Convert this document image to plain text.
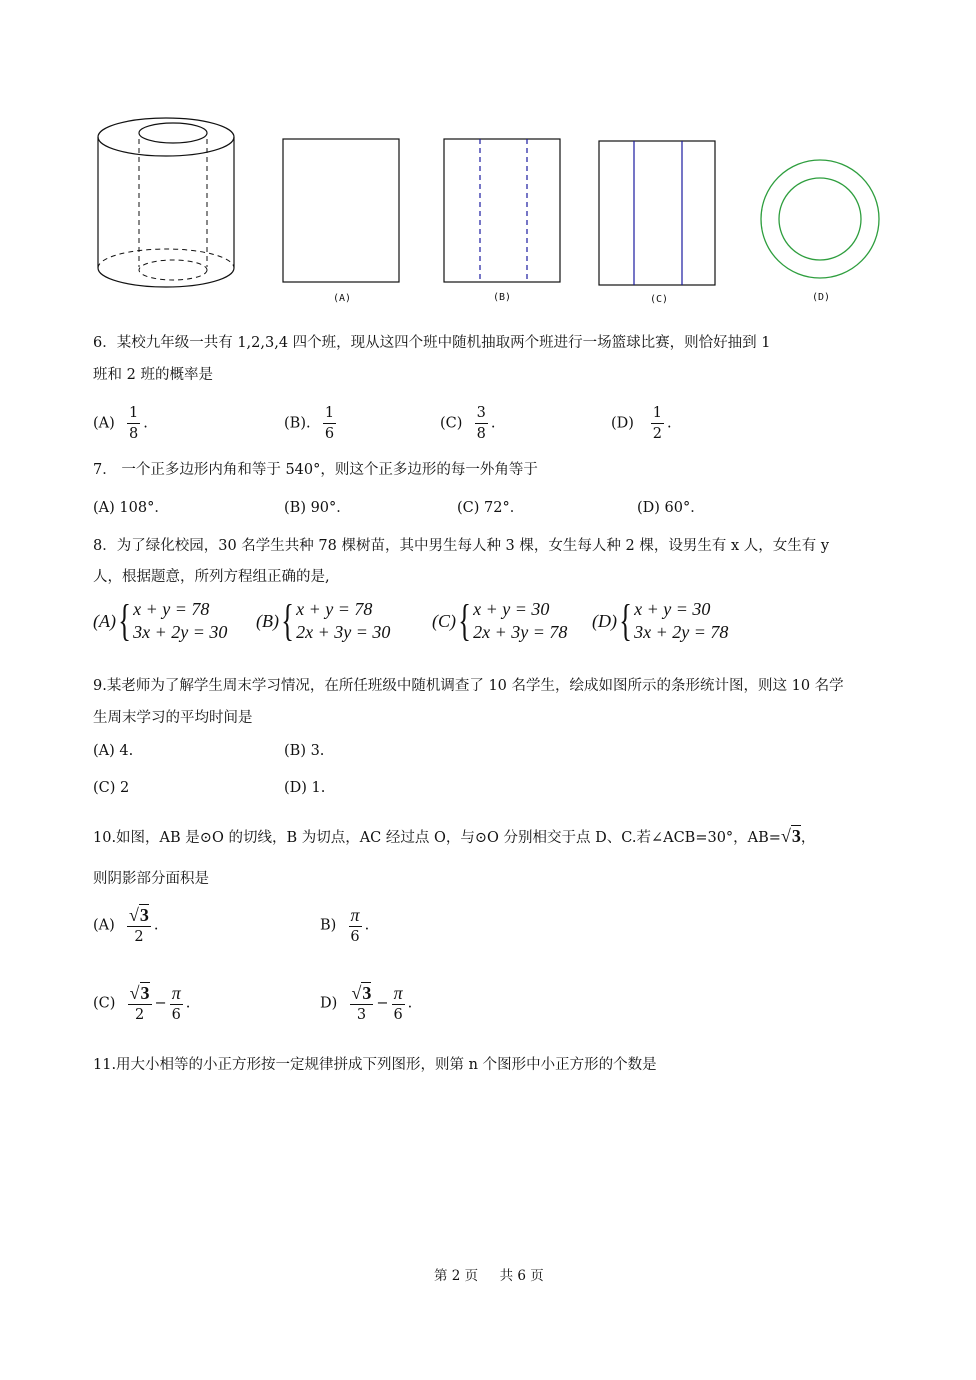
(A)	(B)	(C)	(D)
6．某校九年级一共有 1,2,3,4 四个班，现从这四个班中随机抽取两个班进行一场篮球比赛，则恰好抽到 1
班和 2 班的概率是
$(A) \frac{1}{8}$ .	(B). $\frac{1}{6}$	$(C) \frac{3}{8}$ .	$(D) \frac{1}{2}$ .
7． 一个正多边形内角和等于 540°，则这个正多边形的每一外角等于
(A) 108°．	(B) 90°．	(C) 72°．	(D) 60°．
8．为了绿化校园，30 名学生共种 78 棵树苗，其中男生每人种 3 棵，女生每人种 2 棵，设男生有 x 人，女生有 y
人，根据题意，所列方程组正确的是,
(A) { x + y = 78
3x + 2y = 30
(B) { x + y = 78
2x + 3y = 30
(C) { x + y = 30
2x + 3y = 78
(D) { x + y = 30
3x + 2y = 78
9.某老师为了解学生周末学习情况，在所任班级中随机调查了 10 名学生，绘成如图所示的条形统计图，则这 10 名学
生周末学习的平均时间是
(A) 4.	(B) 3.
(C) 2	(D) 1.
10.如图，AB 是⊙O 的切线，B 为切点，AC 经过点 O，与⊙O 分别相交于点 D、C.若∠ACB=30°，AB=√3，
则阴影部分面积是
$(A) \frac{√3}{2}$ .	$B) \frac{\pi}{6}$ .
$(C) \frac{√3}{2} - \frac{\pi}{6}$ .	$D) \frac{√3}{3} - \frac{\pi}{6}$ .
11.用大小相等的小正方形按一定规律拼成下列图形，则第 n 个图形中小正方形的个数是
第 2 页 共 6 页
